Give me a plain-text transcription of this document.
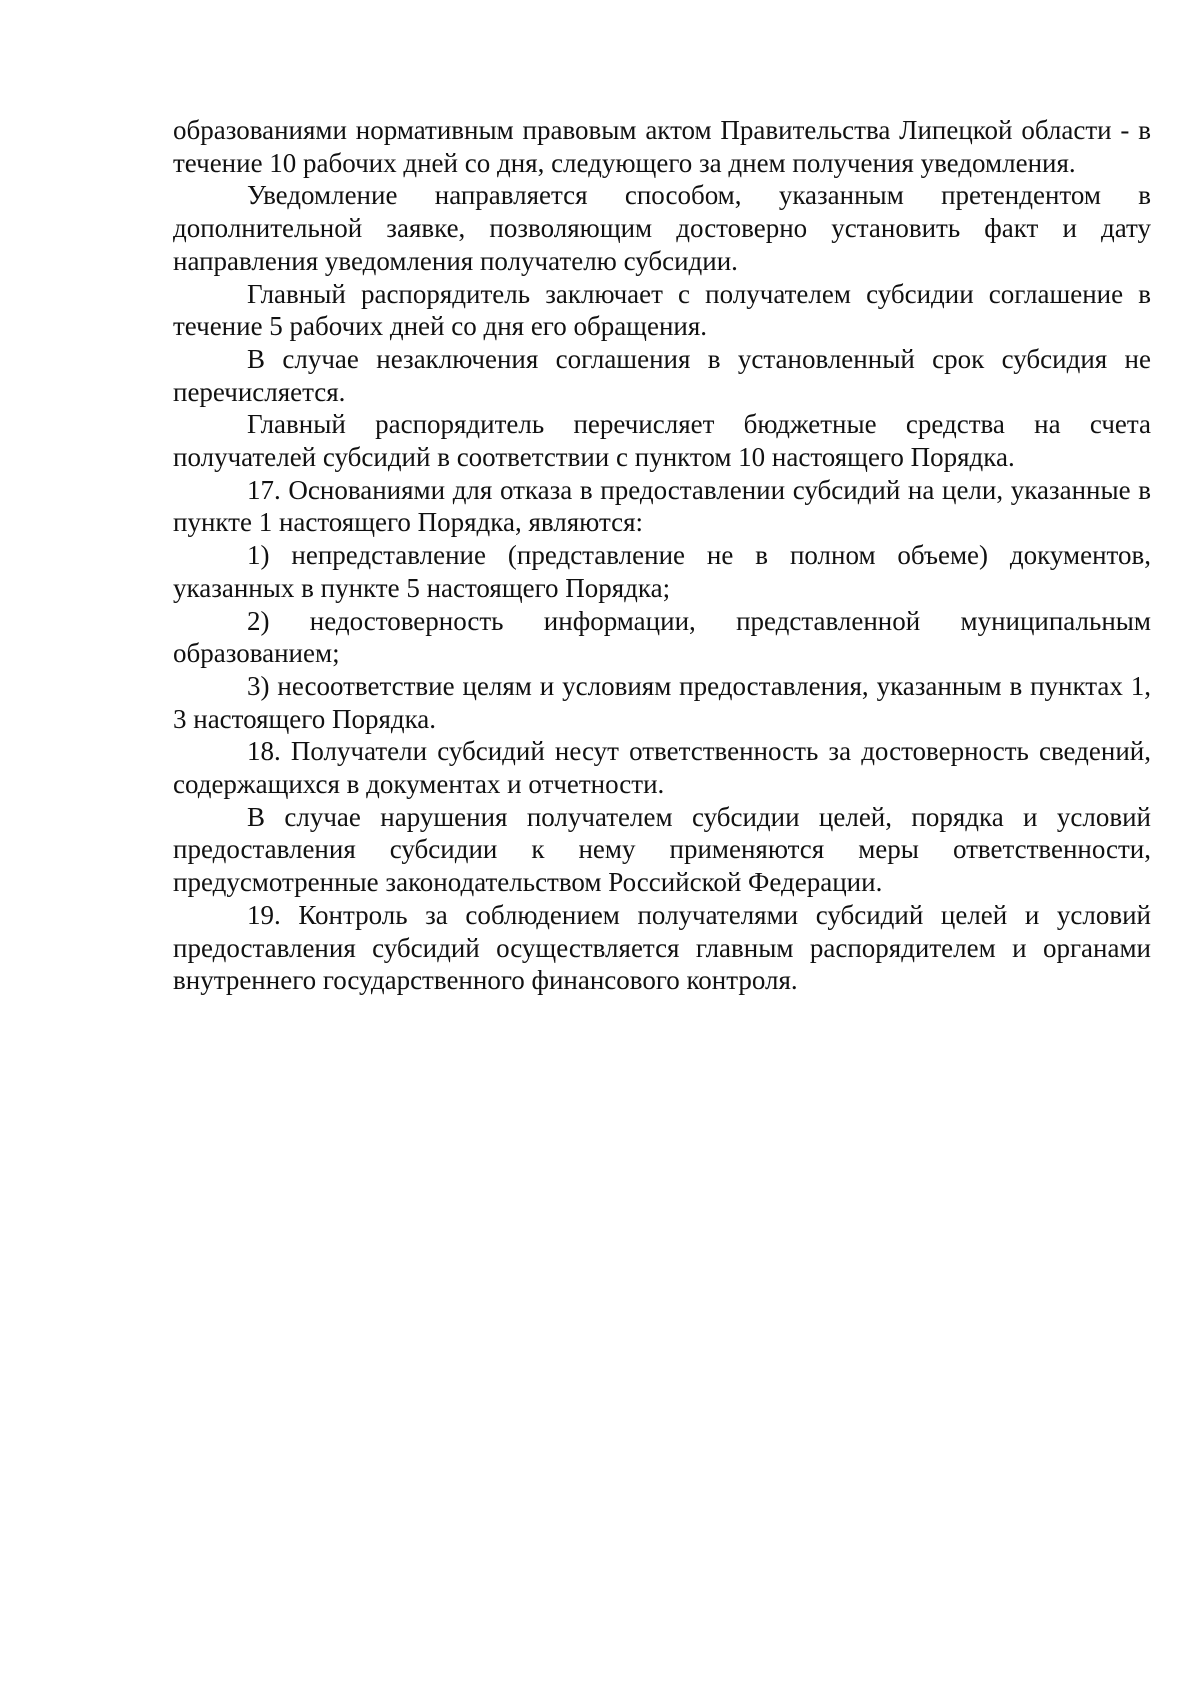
образованиями нормативным правовым актом Правительства Липецкой области - в течение 10 рабочих дней со дня, следующего за днем получения уведомления.

Уведомление направляется способом, указанным претендентом в дополнительной заявке, позволяющим достоверно установить факт и дату направления уведомления получателю субсидии.

Главный распорядитель заключает с получателем субсидии соглашение в течение 5 рабочих дней со дня его обращения.

В случае незаключения соглашения в установленный срок субсидия не перечисляется.

Главный распорядитель перечисляет бюджетные средства на счета получателей субсидий в соответствии с пунктом 10 настоящего Порядка.

17. Основаниями для отказа в предоставлении субсидий на цели, указанные в пункте 1 настоящего Порядка, являются:

1) непредставление (представление не в полном объеме) документов, указанных в пункте 5 настоящего Порядка;

2) недостоверность информации, представленной муниципальным образованием;

3) несоответствие целям и условиям предоставления, указанным в пунктах 1, 3 настоящего Порядка.

18. Получатели субсидий несут ответственность за достоверность сведений, содержащихся в документах и отчетности.

В случае нарушения получателем субсидии целей, порядка и условий предоставления субсидии к нему применяются меры ответственности, предусмотренные законодательством Российской Федерации.

19. Контроль за соблюдением получателями субсидий целей и условий предоставления субсидий осуществляется главным распорядителем и органами внутреннего государственного финансового контроля.
